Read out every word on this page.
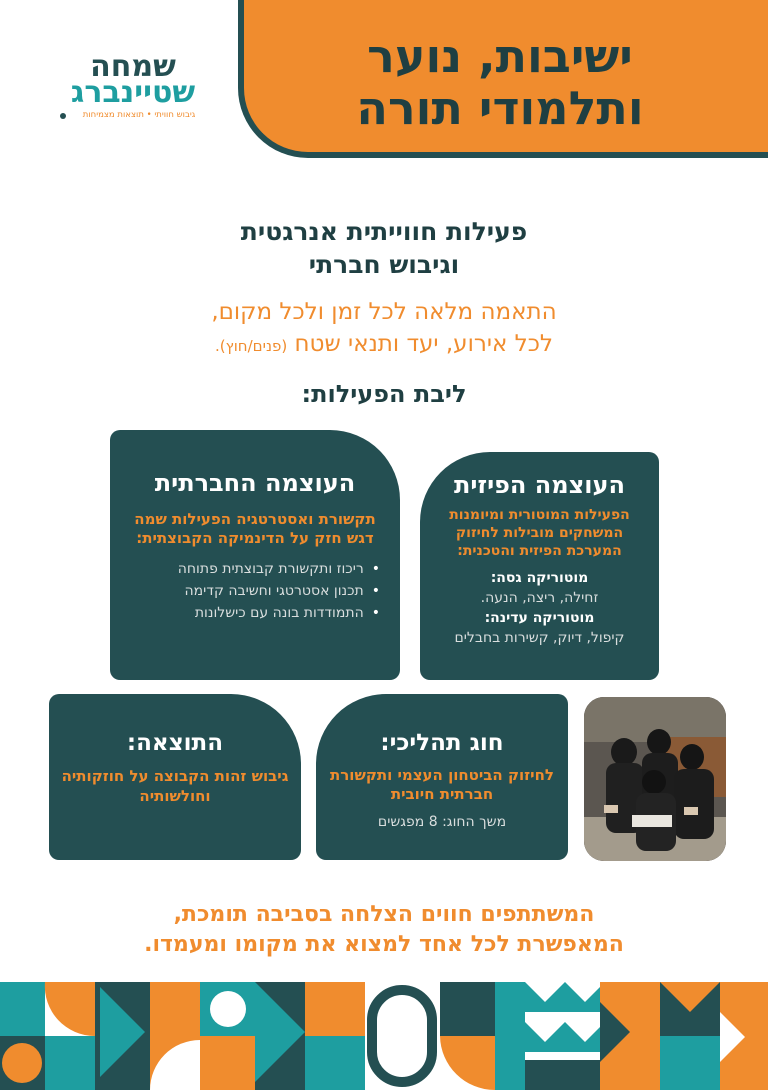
ישיבות, נוער
ותלמודי תורה
שמחה
שטיינברג
גיבוש חוויתי • תוצאות מצמיחות
פעילות חווייתית אנרגטית
וגיבוש חברתי
התאמה מלאה לכל זמן ולכל מקום,
לכל אירוע, יעד ותנאי שטח (פנים/חוץ).
ליבת הפעילות:
העוצמה הפיזית
הפעילות המוטורית ומיומנות המשחקים מובילות לחיזוק המערכת הפיזית והטכנית:
מוטוריקה גסה:
זחילה, ריצה, הנעה.
מוטוריקה עדינה:
קיפול, דיוק, קשירות בחבלים
העוצמה החברתית
תקשורת ואסטרטגיה הפעילות שמה דגש חזק על הדינמיקה הקבוצתית:
• ריכוז ותקשורת קבוצתית פתוחה
• תכנון אסטרטגי וחשיבה קדימה
• התמודדות בונה עם כישלונות
חוג תהליכי:
לחיזוק הביטחון העצמי ותקשורת חברתית חיובית
משך החוג: 8 מפגשים
התוצאה:
גיבוש זהות הקבוצה על חוזקותיה וחולשותיה
המשתתפים חווים הצלחה בסביבה תומכת,
המאפשרת לכל אחד למצוא את מקומו ומעמדו.
